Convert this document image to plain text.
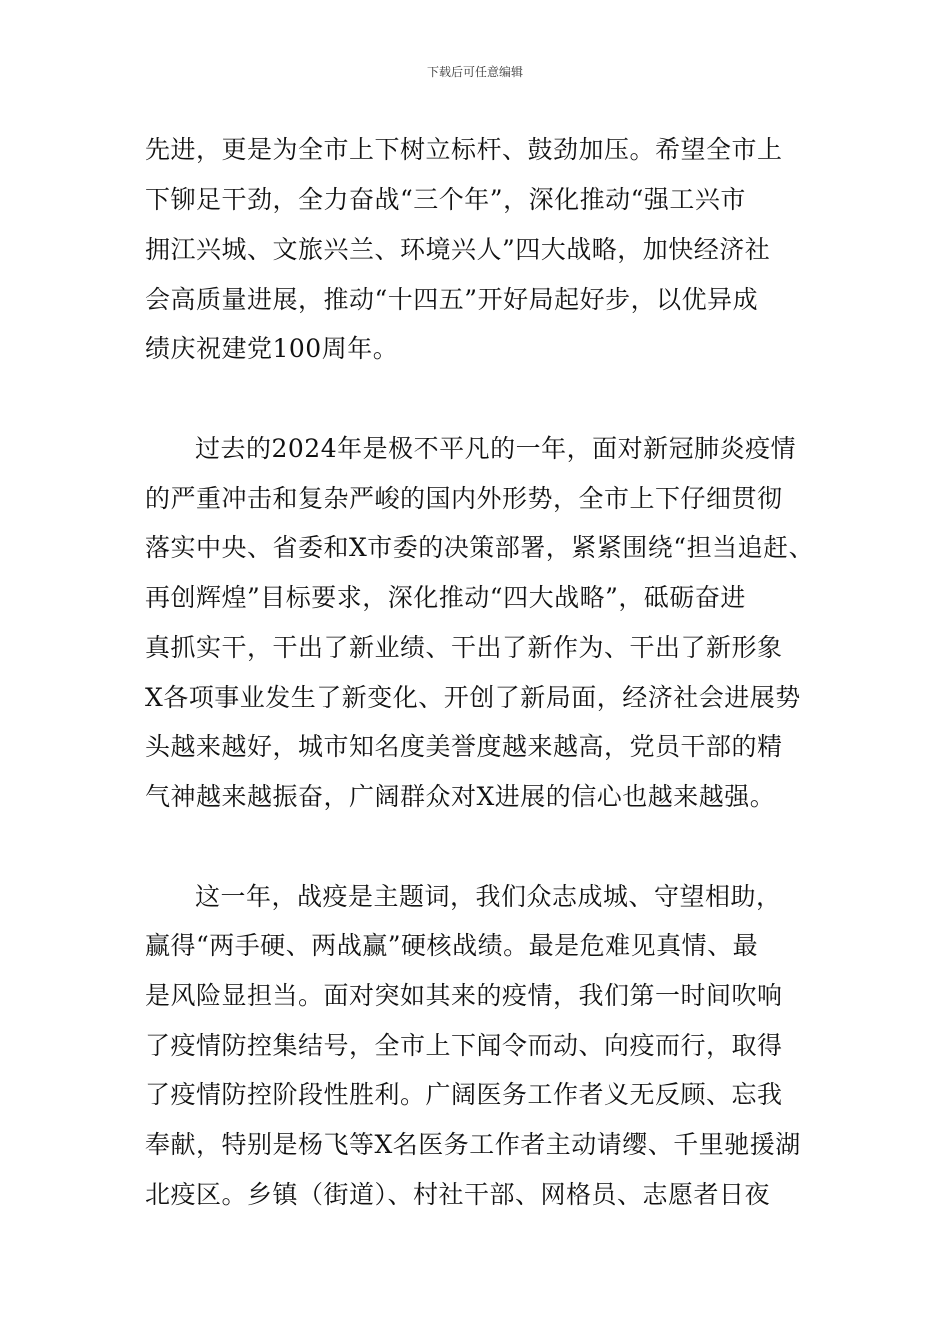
下载后可任意编辑
先进，更是为全市上下树立标杆、鼓劲加压。希望全市上
下铆足干劲，全力奋战“三个年”，深化推动“强工兴市
拥江兴城、文旅兴兰、环境兴人”四大战略，加快经济社
会高质量进展，推动“十四五”开好局起好步，以优异成
绩庆祝建党100周年。
过去的2024年是极不平凡的一年，面对新冠肺炎疫情
的严重冲击和复杂严峻的国内外形势，全市上下仔细贯彻
落实中央、省委和X市委的决策部署，紧紧围绕“担当追赶、
再创辉煌”目标要求，深化推动“四大战略”，砥砺奋进
真抓实干，干出了新业绩、干出了新作为、干出了新形象
X各项事业发生了新变化、开创了新局面，经济社会进展势
头越来越好，城市知名度美誉度越来越高，党员干部的精
气神越来越振奋，广阔群众对X进展的信心也越来越强。
这一年，战疫是主题词，我们众志成城、守望相助，
赢得“两手硬、两战赢”硬核战绩。最是危难见真情、最
是风险显担当。面对突如其来的疫情，我们第一时间吹响
了疫情防控集结号，全市上下闻令而动、向疫而行，取得
了疫情防控阶段性胜利。广阔医务工作者义无反顾、忘我
奉献，特别是杨飞等X名医务工作者主动请缨、千里驰援湖
北疫区。乡镇（街道）、村社干部、网格员、志愿者日夜
